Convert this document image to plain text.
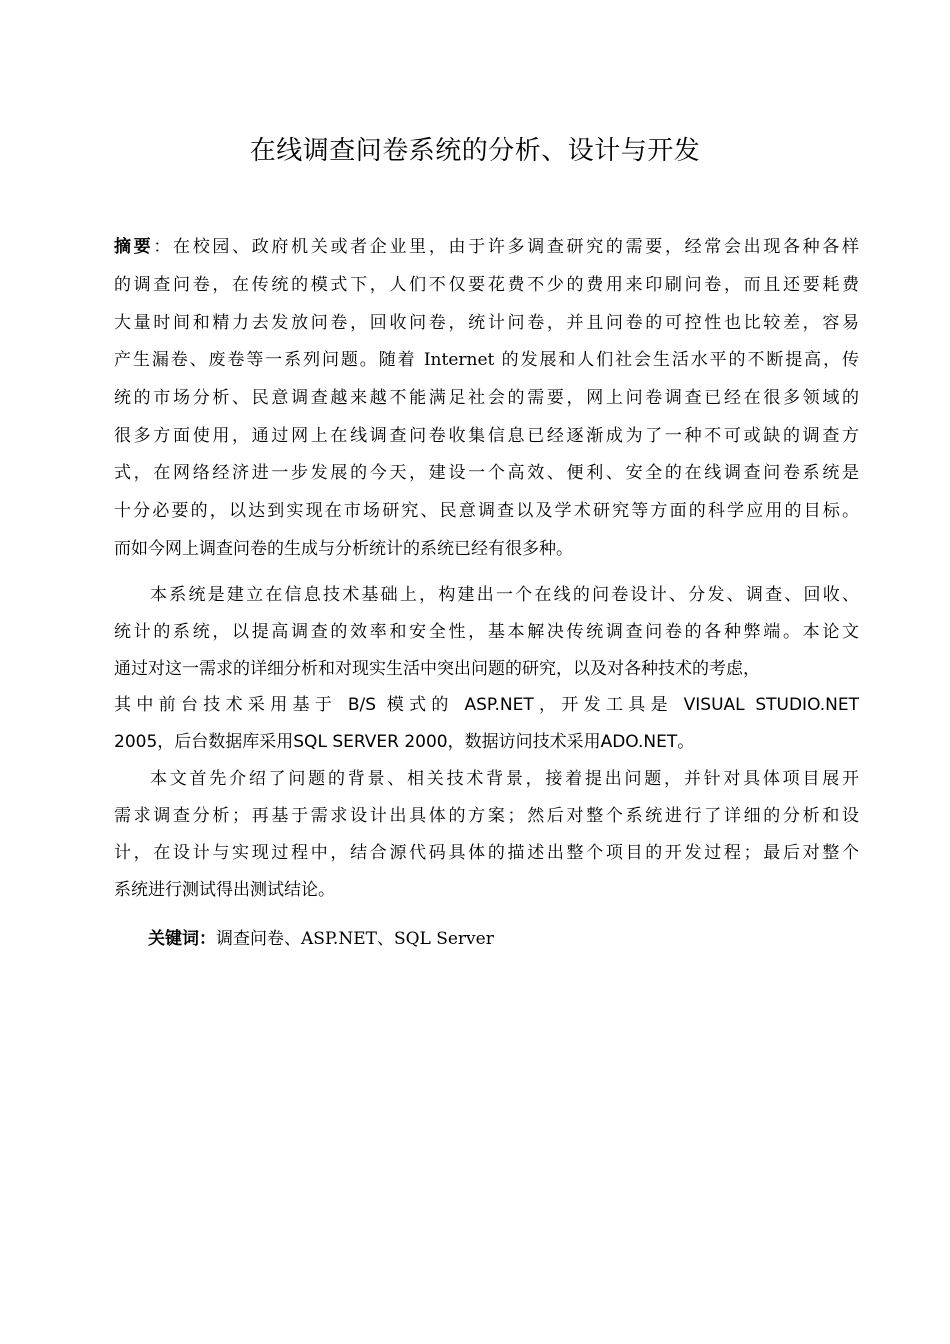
在线调查问卷系统的分析、设计与开发
摘要：在校园、政府机关或者企业里，由于许多调查研究的需要，经常会出现各种各样
的调查问卷，在传统的模式下，人们不仅要花费不少的费用来印刷问卷，而且还要耗费
大量时间和精力去发放问卷，回收问卷，统计问卷，并且问卷的可控性也比较差，容易
产生漏卷、废卷等一系列问题。随着 Internet 的发展和人们社会生活水平的不断提高，传
统的市场分析、民意调查越来越不能满足社会的需要，网上问卷调查已经在很多领域的
很多方面使用，通过网上在线调查问卷收集信息已经逐渐成为了一种不可或缺的调查方
式，在网络经济进一步发展的今天，建设一个高效、便利、安全的在线调查问卷系统是
十分必要的，以达到实现在市场研究、民意调查以及学术研究等方面的科学应用的目标。
而如今网上调查问卷的生成与分析统计的系统已经有很多种。
本系统是建立在信息技术基础上，构建出一个在线的问卷设计、分发、调查、回收、
统计的系统，以提高调查的效率和安全性，基本解决传统调查问卷的各种弊端。本论文
通过对这一需求的详细分析和对现实生活中突出问题的研究，以及对各种技术的考虑，
其中前台技术采用基于 B/S 模式的 ASP.NET，开发工具是 VISUAL STUDIO.NET
2005，后台数据库采用SQL SERVER 2000，数据访问技术采用ADO.NET。
本文首先介绍了问题的背景、相关技术背景，接着提出问题，并针对具体项目展开
需求调查分析；再基于需求设计出具体的方案；然后对整个系统进行了详细的分析和设
计，在设计与实现过程中，结合源代码具体的描述出整个项目的开发过程；最后对整个
系统进行测试得出测试结论。
关键词：调查问卷、ASP.NET、SQL Server
